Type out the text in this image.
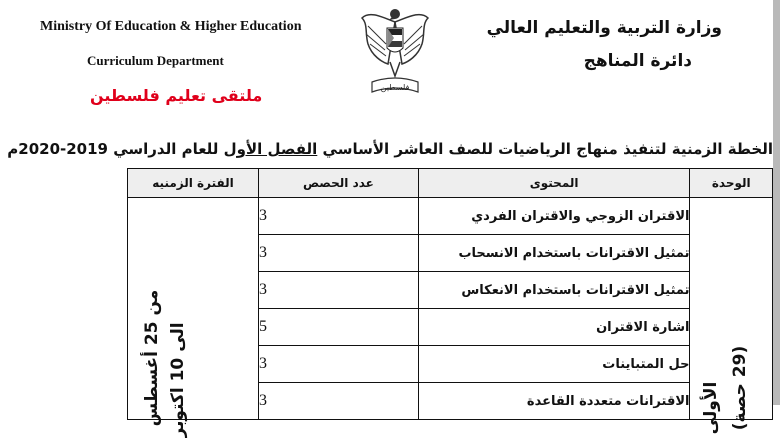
Ministry Of Education & Higher Education
Curriculum Department
ملتقى تعليم فلسطين
وزارة التربية والتعليم العالي
دائرة المناهج
فلسطين
الخطة الزمنية لتنفيذ منهاج الرياضيات للصف العاشر الأساسي الفصل الأول للعام الدراسي 2019-2020م
الوحدة	المحتوى	عدد الحصص	الفترة الزمنيه

(29 حصة)
الأولى	الاقتران الزوجي والاقتران الفردي	3	من 25 أغسطس
الى 10 اكتوبر

	تمثيل الاقترانات باستخدام الانسحاب	3	
	تمثيل الاقترانات باستخدام الانعكاس	3	
	اشارة الاقتران	5	
	حل المتباينات	3	
	الاقترانات متعددة القاعدة	3	
